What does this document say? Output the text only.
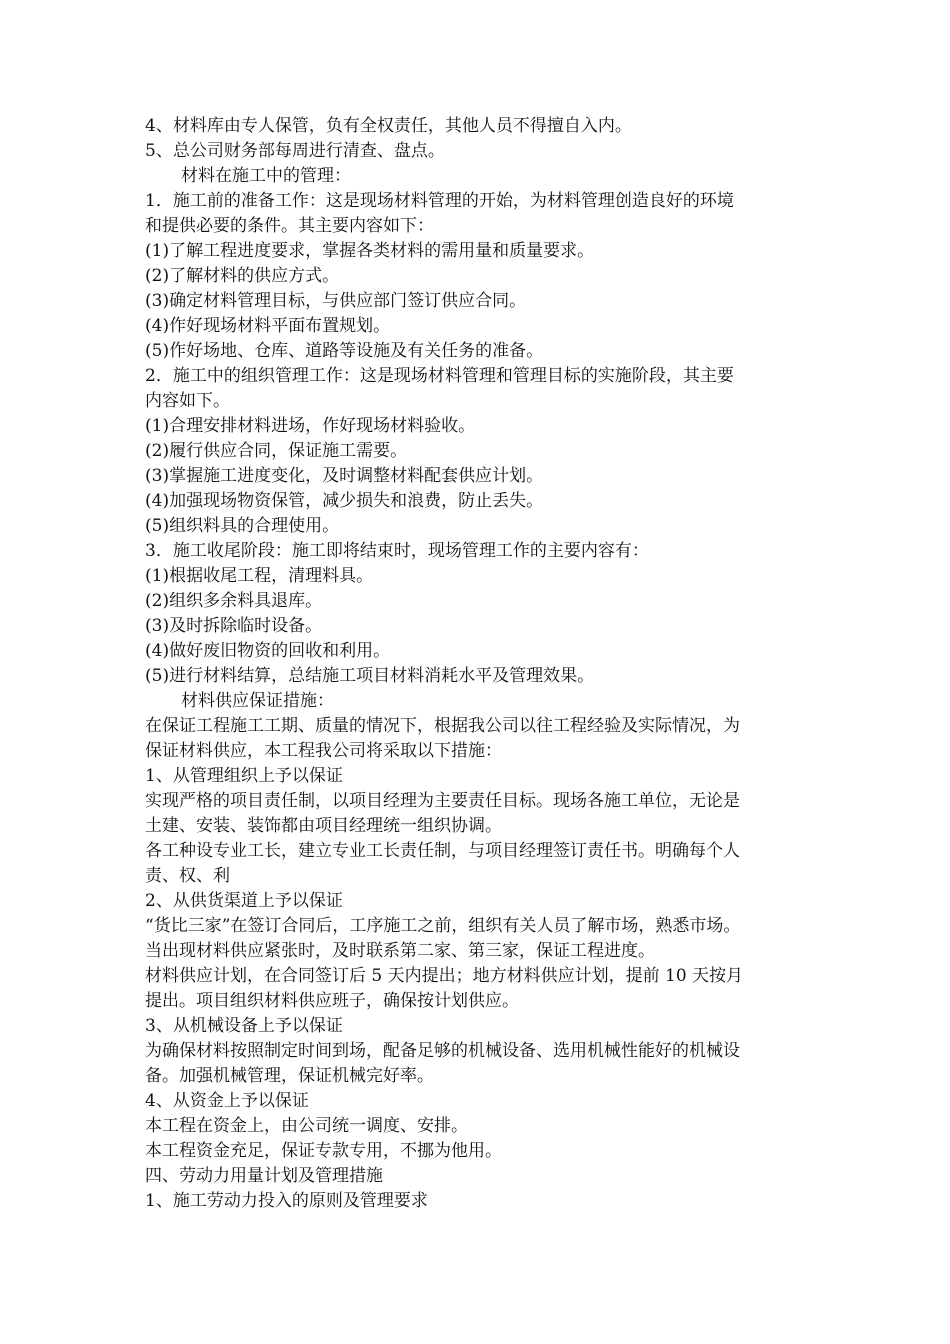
4、材料库由专人保管，负有全权责任，其他人员不得擅自入内。
5、总公司财务部每周进行清查、盘点。
材料在施工中的管理：
1．施工前的准备工作：这是现场材料管理的开始，为材料管理创造良好的环境
和提供必要的条件。其主要内容如下：
(1)了解工程进度要求，掌握各类材料的需用量和质量要求。
(2)了解材料的供应方式。
(3)确定材料管理目标，与供应部门签订供应合同。
(4)作好现场材料平面布置规划。
(5)作好场地、仓库、道路等设施及有关任务的准备。
2．施工中的组织管理工作：这是现场材料管理和管理目标的实施阶段，其主要
内容如下。
(1)合理安排材料进场，作好现场材料验收。
(2)履行供应合同，保证施工需要。
(3)掌握施工进度变化，及时调整材料配套供应计划。
(4)加强现场物资保管，减少损失和浪费，防止丢失。
(5)组织料具的合理使用。
3．施工收尾阶段：施工即将结束时，现场管理工作的主要内容有：
(1)根据收尾工程，清理料具。
(2)组织多余料具退库。
(3)及时拆除临时设备。
(4)做好废旧物资的回收和利用。
(5)进行材料结算，总结施工项目材料消耗水平及管理效果。
材料供应保证措施：
在保证工程施工工期、质量的情况下，根据我公司以往工程经验及实际情况，为
保证材料供应，本工程我公司将采取以下措施：
1、从管理组织上予以保证
实现严格的项目责任制，以项目经理为主要责任目标。现场各施工单位，无论是
土建、安装、装饰都由项目经理统一组织协调。
各工种设专业工长，建立专业工长责任制，与项目经理签订责任书。明确每个人
责、权、利
2、从供货渠道上予以保证
“货比三家”在签订合同后，工序施工之前，组织有关人员了解市场，熟悉市场。
当出现材料供应紧张时，及时联系第二家、第三家，保证工程进度。
材料供应计划，在合同签订后 5 天内提出；地方材料供应计划，提前 10 天按月
提出。项目组织材料供应班子，确保按计划供应。
3、从机械设备上予以保证
为确保材料按照制定时间到场，配备足够的机械设备、选用机械性能好的机械设
备。加强机械管理，保证机械完好率。
4、从资金上予以保证
本工程在资金上，由公司统一调度、安排。
本工程资金充足，保证专款专用，不挪为他用。
四、劳动力用量计划及管理措施
1、施工劳动力投入的原则及管理要求
